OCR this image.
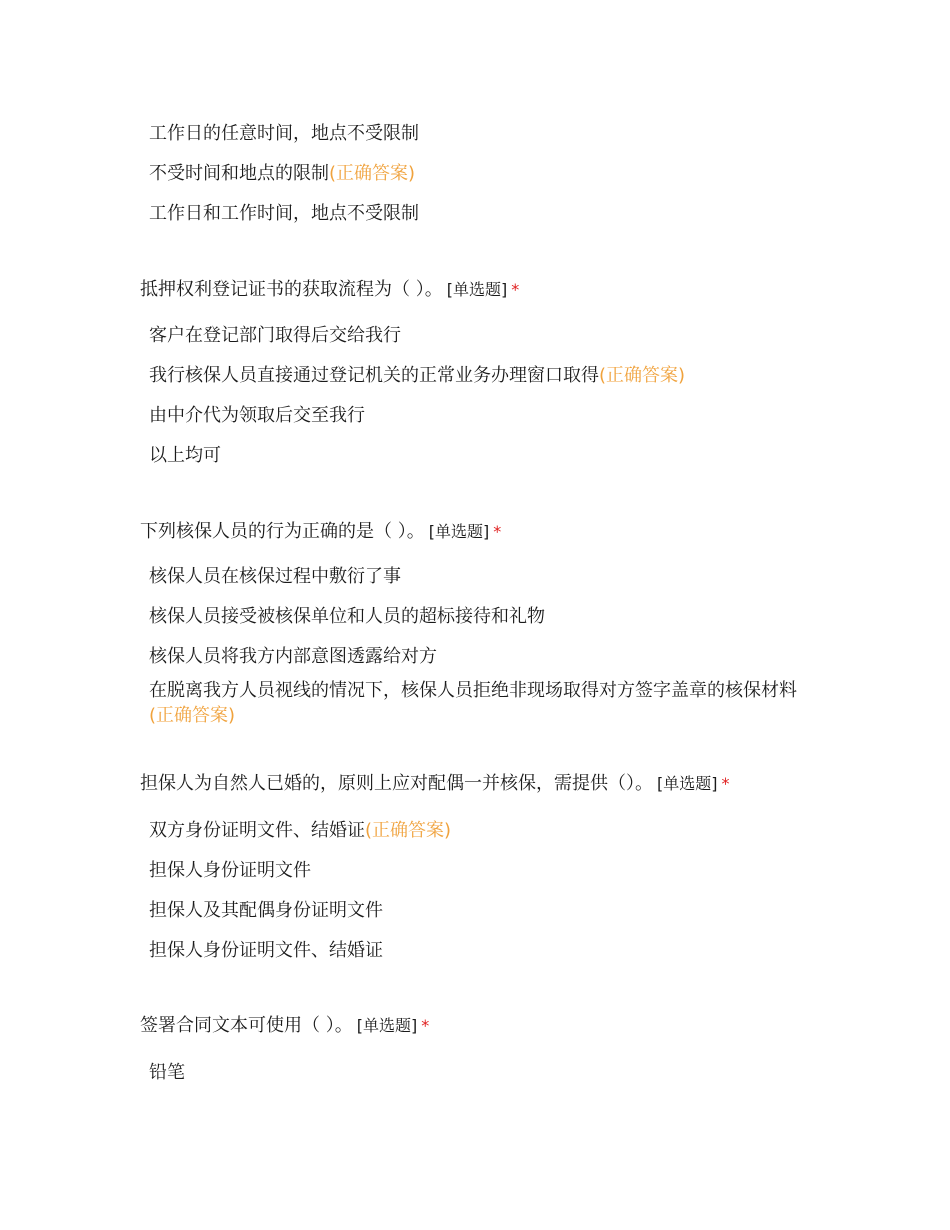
工作日的任意时间，地点不受限制
不受时间和地点的限制(正确答案)
工作日和工作时间，地点不受限制

抵押权利登记证书的获取流程为（ ）。 [单选题] *

客户在登记部门取得后交给我行
我行核保人员直接通过登记机关的正常业务办理窗口取得(正确答案)
由中介代为领取后交至我行
以上均可

下列核保人员的行为正确的是（ ）。 [单选题] *

核保人员在核保过程中敷衍了事
核保人员接受被核保单位和人员的超标接待和礼物
核保人员将我方内部意图透露给对方
在脱离我方人员视线的情况下，核保人员拒绝非现场取得对方签字盖章的核保材料(正确答案)

担保人为自然人已婚的，原则上应对配偶一并核保，需提供（）。 [单选题] *

双方身份证明文件、结婚证(正确答案)
担保人身份证明文件
担保人及其配偶身份证明文件
担保人身份证明文件、结婚证

签署合同文本可使用（ ）。 [单选题] *

铅笔
